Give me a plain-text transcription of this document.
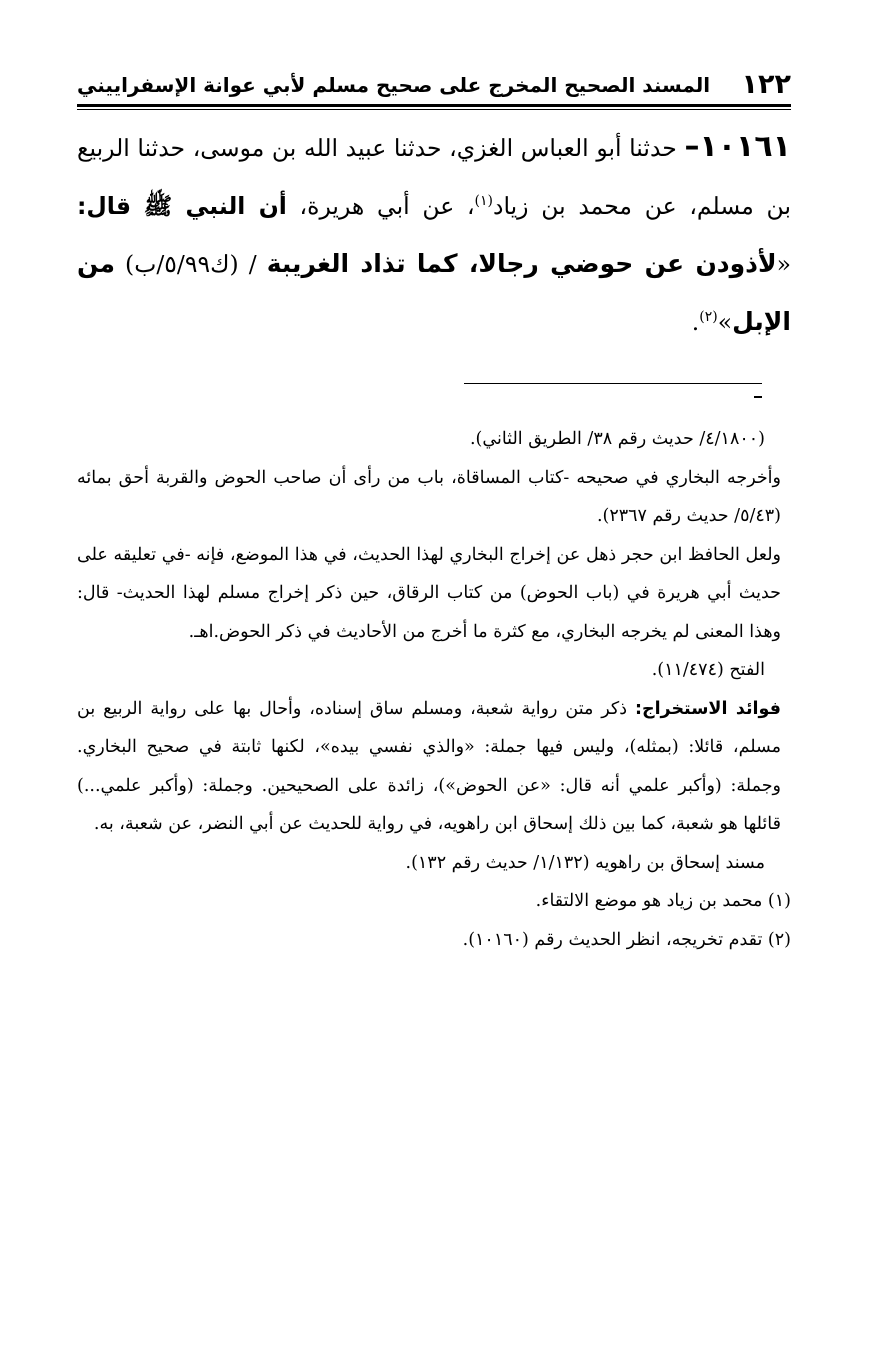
١٢٢
المسند الصحيح المخرج على صحيح مسلم لأبي عوانة الإسفراييني

١٠١٦١– حدثنا أبو العباس الغزي، حدثنا عبيد الله بن موسى، حدثنا الربيع بن مسلم، عن محمد بن زياد$^{(١)}$، عن أبي هريرة، أن النبي ﷺ قال: «لأذودن عن حوضي رجالا، كما تذاد الغريبة / (ك٥/٩٩/ب) من الإبل»$^{(٢)}$.

(٤/١٨٠٠/ حديث رقم ٣٨/ الطريق الثاني).

وأخرجه البخاري في صحيحه -كتاب المساقاة، باب من رأى أن صاحب الحوض والقربة أحق بمائه (٥/٤٣/ حديث رقم ٢٣٦٧).

ولعل الحافظ ابن حجر ذهل عن إخراج البخاري لهذا الحديث، في هذا الموضع، فإنه -في تعليقه على حديث أبي هريرة في (باب الحوض) من كتاب الرقاق، حين ذكر إخراج مسلم لهذا الحديث- قال: وهذا المعنى لم يخرجه البخاري، مع كثرة ما أخرج من الأحاديث في ذكر الحوض.اهـ.

الفتح (١١/٤٧٤).

فوائد الاستخراج: ذكر متن رواية شعبة، ومسلم ساق إسناده، وأحال بها على رواية الربيع بن مسلم، قائلا: (بمثله)، وليس فيها جملة: «والذي نفسي بيده»، لكنها ثابتة في صحيح البخاري. وجملة: (وأكبر علمي أنه قال: «عن الحوض»)، زائدة على الصحيحين. وجملة: (وأكبر علمي...) قائلها هو شعبة، كما بين ذلك إسحاق ابن راهويه، في رواية للحديث عن أبي النضر، عن شعبة، به.

مسند إسحاق بن راهويه (١/١٣٢/ حديث رقم ١٣٢).

(١) محمد بن زياد هو موضع الالتقاء.

(٢) تقدم تخريجه، انظر الحديث رقم (١٠١٦٠).
